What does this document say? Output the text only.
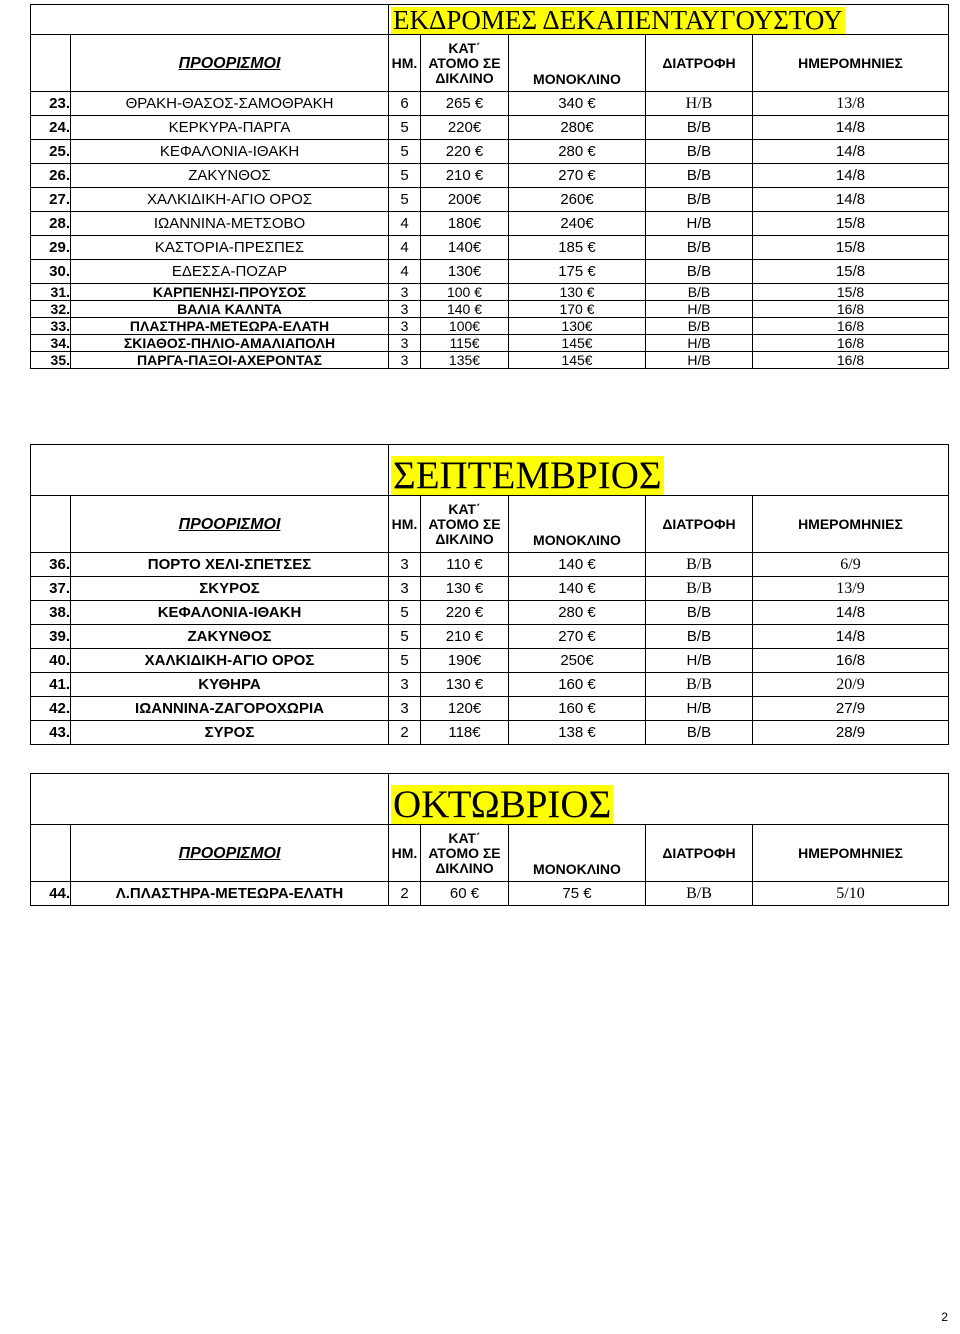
		ΕΚΔΡΟΜΕΣ ΔΕΚΑΠΕΝΤΑΥΓΟΥΣΤΟΥ				
	ΠΡΟΟΡΙΣΜΟΙ	ΗΜ.	ΚΑΤ΄
ΑΤΟΜΟ ΣΕ
ΔΙΚΛΙΝΟ	ΜΟΝΟΚΛΙΝΟ	ΔΙΑΤΡΟΦΗ	ΗΜΕΡΟΜΗΝΙΕΣ
23.	ΘΡΑΚΗ-ΘΑΣΟΣ-ΣΑΜΟΘΡΑΚΗ	6	265 €	340 €	Η/Β	13/8
24.	ΚΕΡΚΥΡΑ-ΠΑΡΓΑ	5	220€	280€	Β/Β	14/8
25.	ΚΕΦΑΛΟΝΙΑ-ΙΘΑΚΗ	5	220 €	280 €	Β/Β	14/8
26.	ΖΑΚΥΝΘΟΣ	5	210 €	270 €	Β/Β	14/8
27.	ΧΑΛΚΙΔΙΚΗ-ΑΓΙΟ ΟΡΟΣ	5	200€	260€	Β/Β	14/8
28.	ΙΩΑΝΝΙΝΑ-ΜΕΤΣΟΒΟ	4	180€	240€	Η/Β	15/8
29.	ΚΑΣΤΟΡΙΑ-ΠΡΕΣΠΕΣ	4	140€	185 €	Β/Β	15/8
30.	ΕΔΕΣΣΑ-ΠΟΖΑΡ	4	130€	175 €	Β/Β	15/8
31.	ΚΑΡΠΕΝΗΣΙ-ΠΡΟΥΣΟΣ	3	100 €	130 €	Β/Β	15/8
32.	ΒΑΛΙΑ ΚΑΛΝΤΑ	3	140 €	170 €	Η/Β	16/8
33.	ΠΛΑΣΤΗΡΑ-ΜΕΤΕΩΡΑ-ΕΛΑΤΗ	3	100€	130€	Β/Β	16/8
34.	ΣΚΙΑΘΟΣ-ΠΗΛΙΟ-ΑΜΑΛΙΑΠΟΛΗ	3	115€	145€	Η/Β	16/8
35.	ΠΑΡΓΑ-ΠΑΞΟΙ-ΑΧΕΡΟΝΤΑΣ	3	135€	145€	Η/Β	16/8
		ΣΕΠΤΕΜΒΡΙΟΣ				
	ΠΡΟΟΡΙΣΜΟΙ	ΗΜ.	ΚΑΤ΄
ΑΤΟΜΟ ΣΕ
ΔΙΚΛΙΝΟ	ΜΟΝΟΚΛΙΝΟ	ΔΙΑΤΡΟΦΗ	ΗΜΕΡΟΜΗΝΙΕΣ
36.	ΠΟΡΤΟ ΧΕΛΙ-ΣΠΕΤΣΕΣ	3	110 €	140 €	Β/Β	6/9
37.	ΣΚΥΡΟΣ	3	130 €	140 €	Β/Β	13/9
38.	ΚΕΦΑΛΟΝΙΑ-ΙΘΑΚΗ	5	220 €	280 €	Β/Β	14/8
39.	ΖΑΚΥΝΘΟΣ	5	210 €	270 €	Β/Β	14/8
40.	ΧΑΛΚΙΔΙΚΗ-ΑΓΙΟ ΟΡΟΣ	5	190€	250€	Η/Β	16/8
41.	ΚΥΘΗΡΑ	3	130 €	160 €	Β/Β	20/9
42.	ΙΩΑΝΝΙΝΑ-ΖΑΓΟΡΟΧΩΡΙΑ	3	120€	160 €	Η/Β	27/9
43.	ΣΥΡΟΣ	2	118€	138 €	Β/Β	28/9
		ΟΚΤΩΒΡΙΟΣ				
	ΠΡΟΟΡΙΣΜΟΙ	ΗΜ.	ΚΑΤ΄
ΑΤΟΜΟ ΣΕ
ΔΙΚΛΙΝΟ	ΜΟΝΟΚΛΙΝΟ	ΔΙΑΤΡΟΦΗ	ΗΜΕΡΟΜΗΝΙΕΣ
44.	Λ.ΠΛΑΣΤΗΡΑ-ΜΕΤΕΩΡΑ-ΕΛΑΤΗ	2	60 €	75 €	Β/Β	5/10
2
